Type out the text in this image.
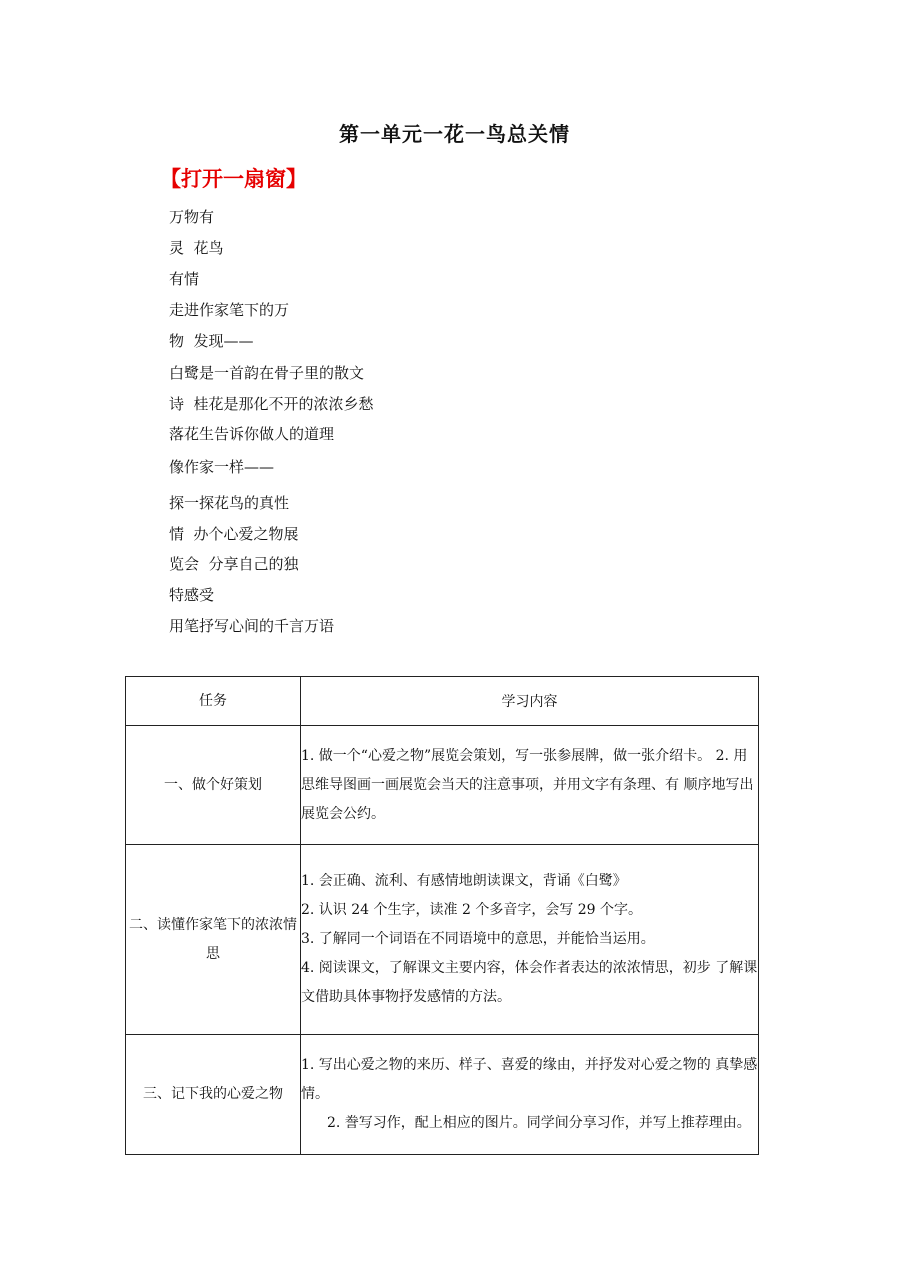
第一单元一花一鸟总关情
【打开一扇窗】
万物有
灵  花鸟
有情
走进作家笔下的万
物  发现——
白鹭是一首韵在骨子里的散文
诗  桂花是那化不开的浓浓乡愁
落花生告诉你做人的道理
像作家一样——
探一探花鸟的真性
情  办个心爱之物展
览会  分享自己的独
特感受
用笔抒写心间的千言万语
任务	学习内容
一、做个好策划	1. 做一个“心爱之物”展览会策划，写一张参展牌，做一张介绍卡。 2. 用思维导图画一画展览会当天的注意事项，并用文字有条理、有 顺序地写出展览会公约。

二、读懂作家笔下的浓浓情思	1. 会正确、流利、有感情地朗读课文，背诵《白鹭》

2. 认识 24 个生字，读准 2 个多音字，会写 29 个字。

3. 了解同一个词语在不同语境中的意思，并能恰当运用。

4. 阅读课文，了解课文主要内容，体会作者表达的浓浓情思，初步 了解课文借助具体事物抒发感情的方法。

三、记下我的心爱之物	1. 写出心爱之物的来历、样子、喜爱的缘由，并抒发对心爱之物的 真挚感情。

2. 誊写习作，配上相应的图片。同学间分享习作，并写上推荐理由。
